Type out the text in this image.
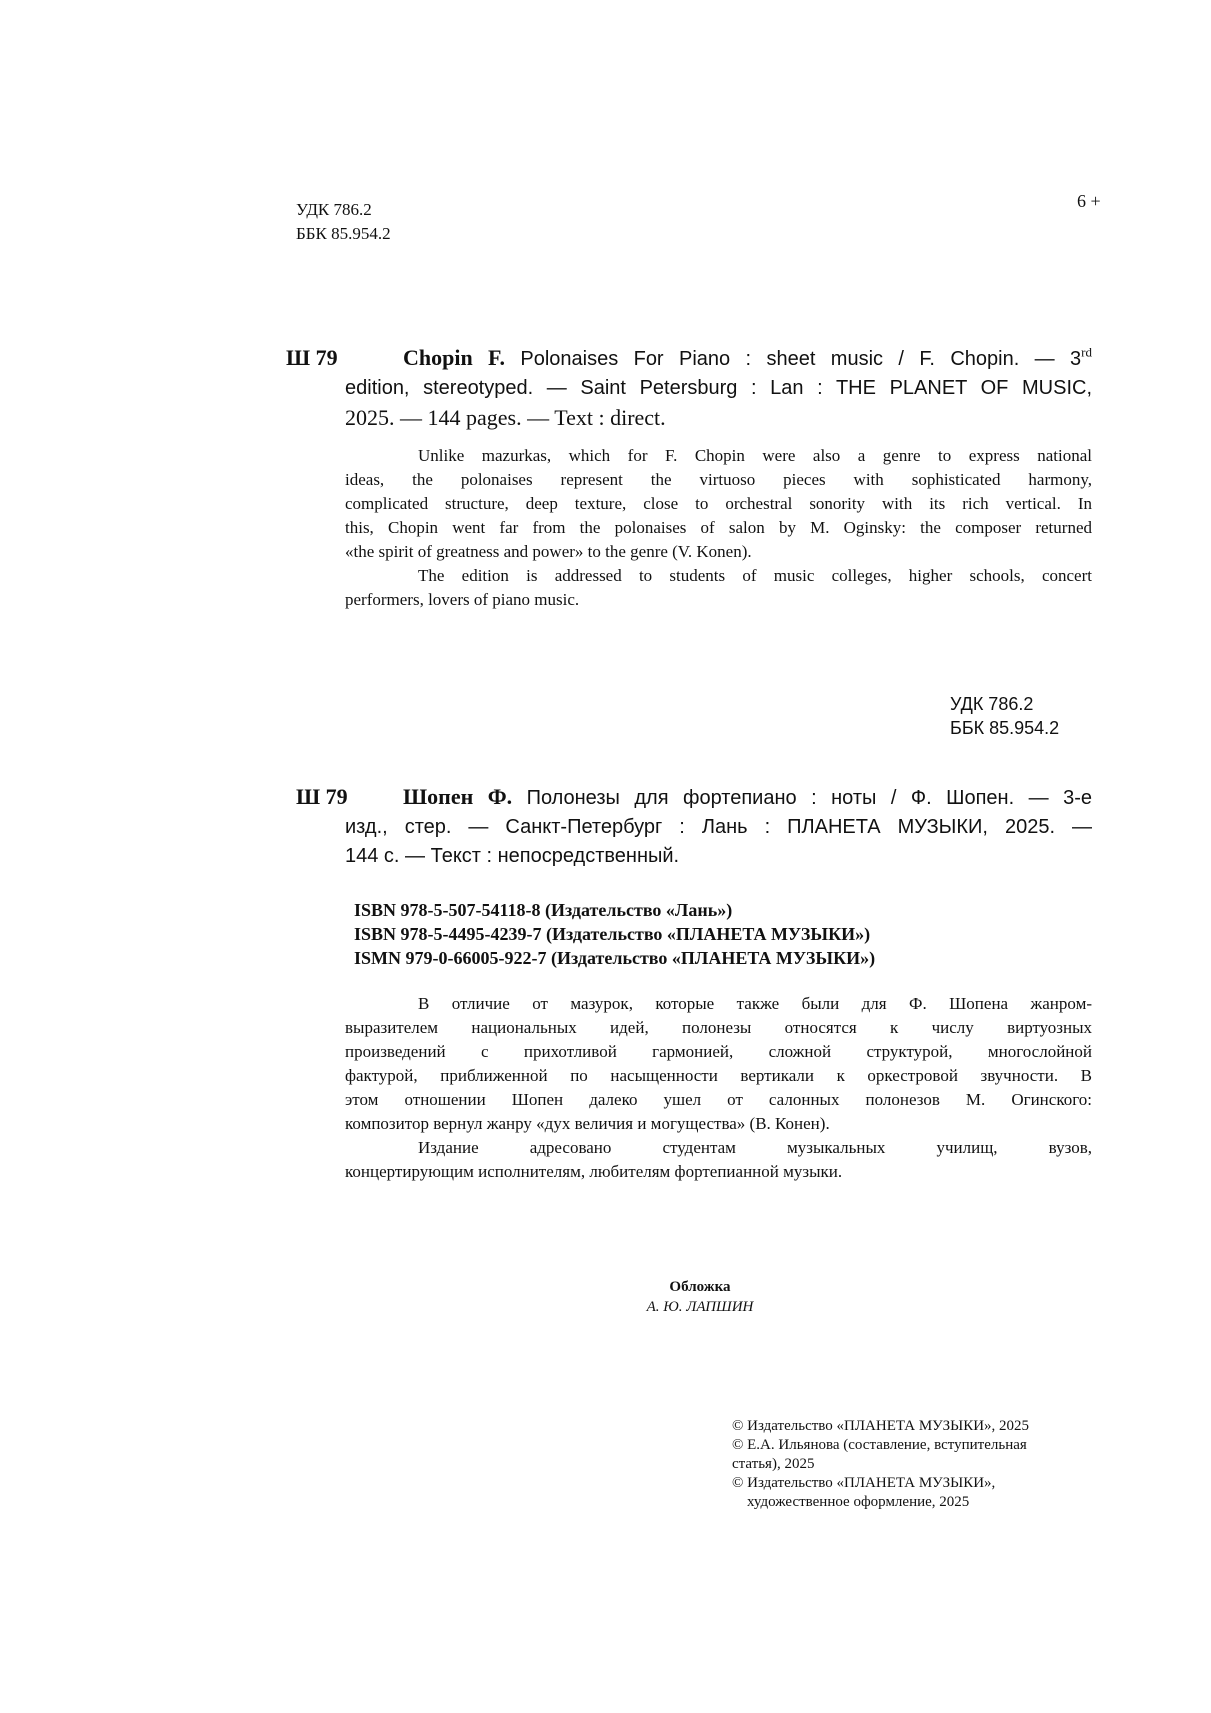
УДК 786.2
ББК 85.954.2
6 +
Ш 79	Chopin F. Polonaises For Piano : sheet music / F. Chopin. — 3rd
edition, stereotyped. — Saint Petersburg : Lan : THE PLANET OF MUSIC,
2025. — 144 pages. — Text : direct.
Unlike mazurkas, which for F. Chopin were also a genre to express national
ideas, the polonaises represent the virtuoso pieces with sophisticated harmony,
complicated structure, deep texture, close to orchestral sonority with its rich vertical. In
this, Chopin went far from the polonaises of salon by M. Oginsky: the composer returned
«the spirit of greatness and power» to the genre (V. Konen).
The edition is addressed to students of music colleges, higher schools, concert
performers, lovers of piano music.
УДК 786.2
ББК 85.954.2
Ш 79	Шопен Ф. Полонезы для фортепиано : ноты / Ф. Шопен. — 3-е
изд., стер. — Санкт-Петербург : Лань : ПЛАНЕТА МУЗЫКИ, 2025. —
144 с. — Текст : непосредственный.
ISBN 978-5-507-54118-8 (Издательство «Лань»)
ISBN 978-5-4495-4239-7 (Издательство «ПЛАНЕТА МУЗЫКИ»)
ISMN 979-0-66005-922-7 (Издательство «ПЛАНЕТА МУЗЫКИ»)
В отличие от мазурок, которые также были для Ф. Шопена жанром-
выразителем национальных идей, полонезы относятся к числу виртуозных
произведений с прихотливой гармонией, сложной структурой, многослойной
фактурой, приближенной по насыщенности вертикали к оркестровой звучности. В
этом отношении Шопен далеко ушел от салонных полонезов М. Огинского:
композитор вернул жанру «дух величия и могущества» (В. Конен).
Издание адресовано студентам музыкальных училищ, вузов,
концертирующим исполнителям, любителям фортепианной музыки.
Обложка
А. Ю. ЛАПШИН
© Издательство «ПЛАНЕТА МУЗЫКИ», 2025
© Е.А. Ильянова (составление, вступительная
статья), 2025
© Издательство «ПЛАНЕТА МУЗЫКИ»,
художественное оформление, 2025
